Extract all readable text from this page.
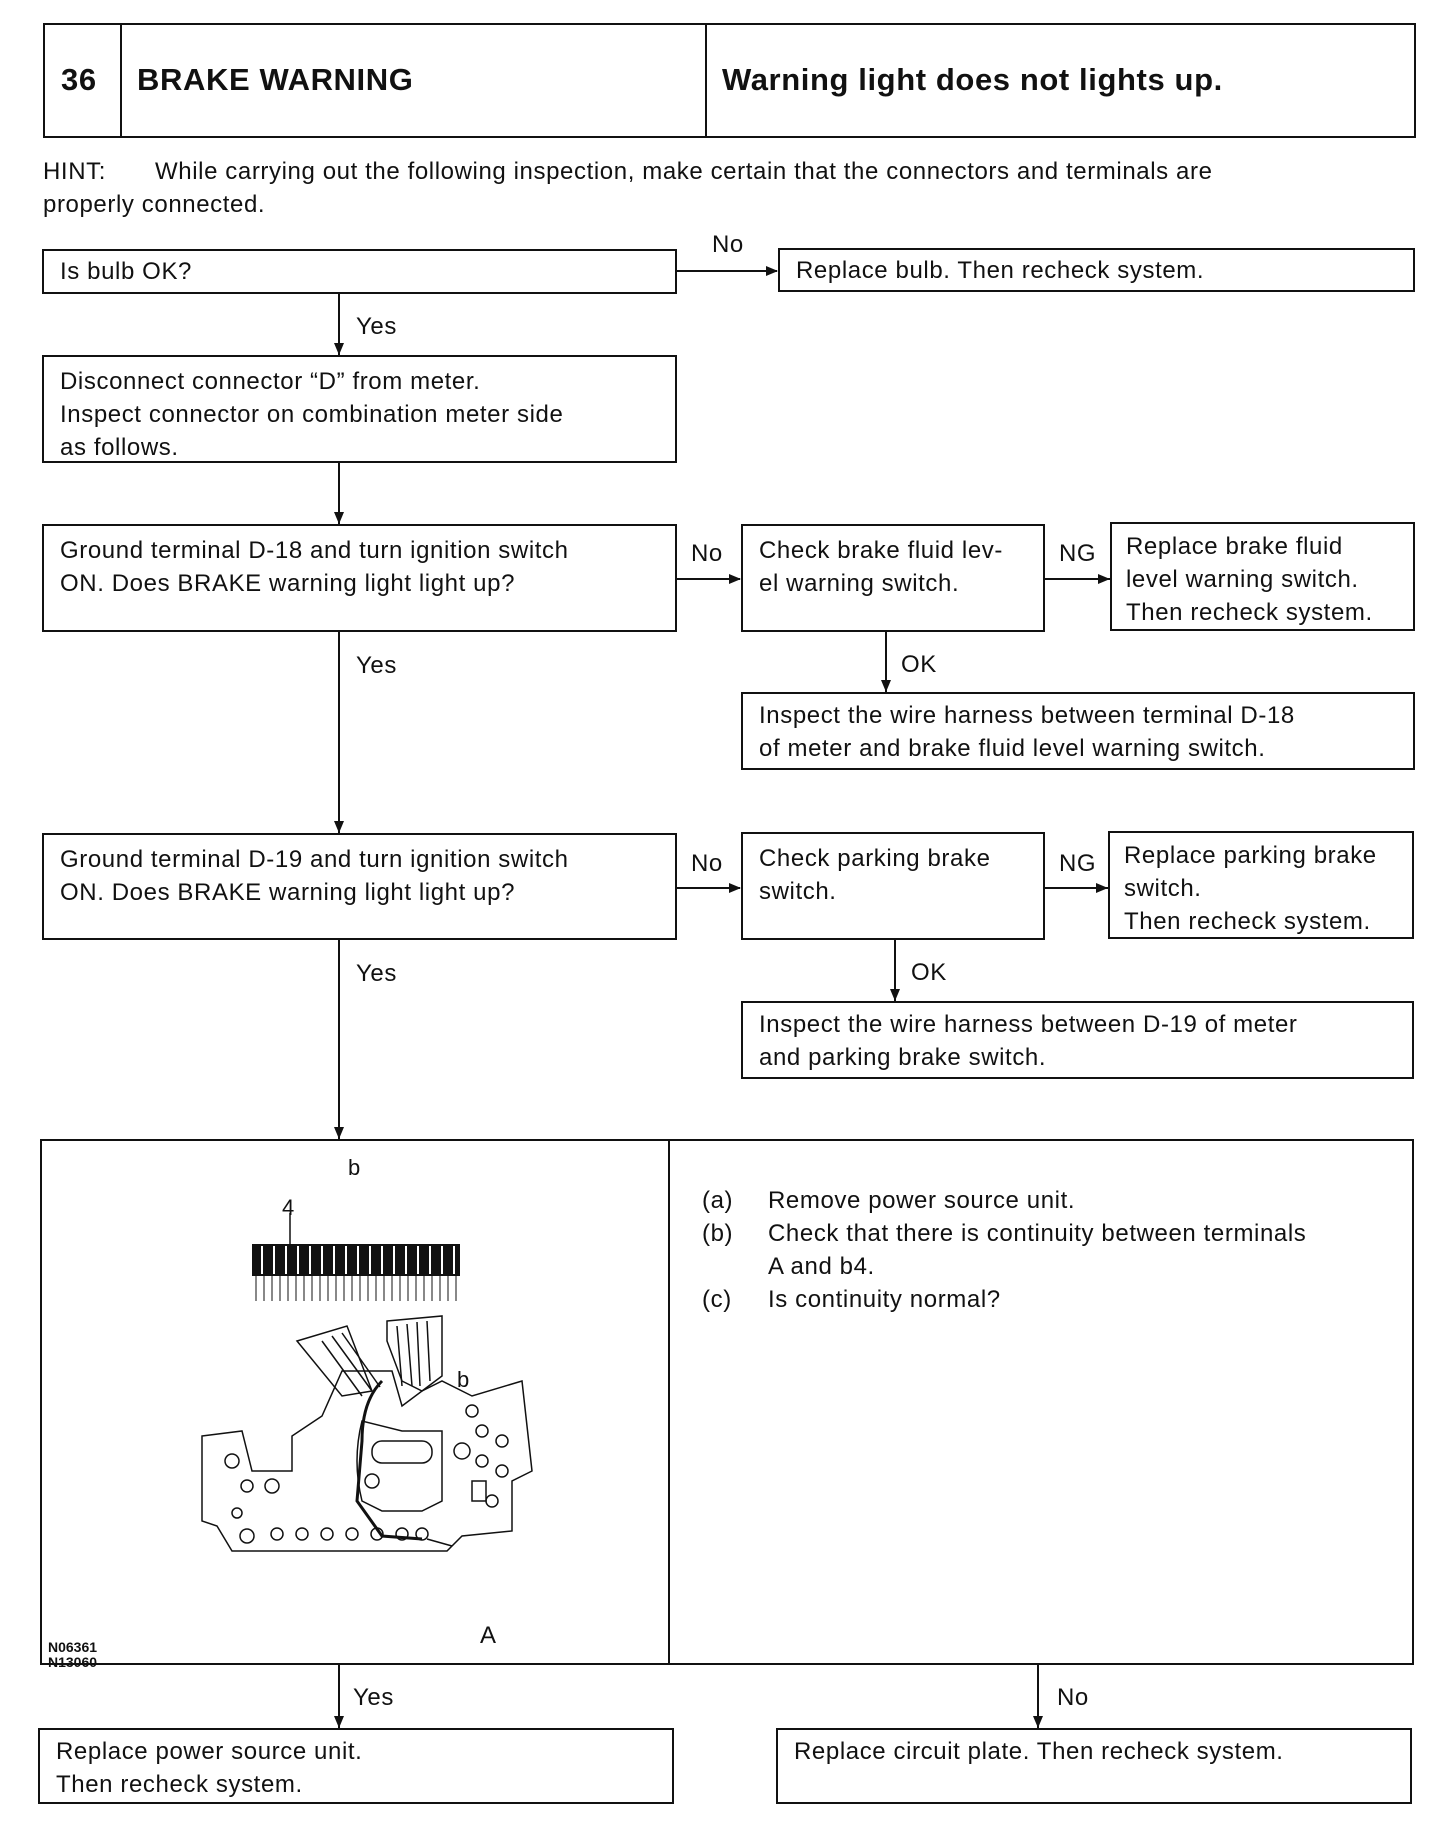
36 BRAKE WARNING	Warning light does not lights up.
HINT: While carrying out the following inspection, make certain that the connectors and terminals are
properly connected.
Is bulb OK?
No
Replace bulb. Then recheck system.
Yes
Disconnect connector “D” from meter.
Inspect connector on combination meter side
as follows.
Ground terminal D-18 and turn ignition switch
ON. Does BRAKE warning light light up?
No Check brake fluid lev-
el warning switch.
NG Replace brake fluid
level warning switch.
Then recheck system.
OK
Inspect the wire harness between terminal D-18
of meter and brake fluid level warning switch.
Yes
Ground terminal D-19 and turn ignition switch
ON. Does BRAKE warning light light up?
No Check parking brake
switch.
NG Replace parking brake
switch.
Then recheck system.
OK
Inspect the wire harness between D-19 of meter
and parking brake switch.
Yes
b
4
b
A
N06361
N13060
(a) Remove power source unit.
(b) Check that there is continuity between terminals
A and b4.
(c) Is continuity normal?
Yes	No
Replace power source unit.
Then recheck system.
Replace circuit plate. Then recheck system.
